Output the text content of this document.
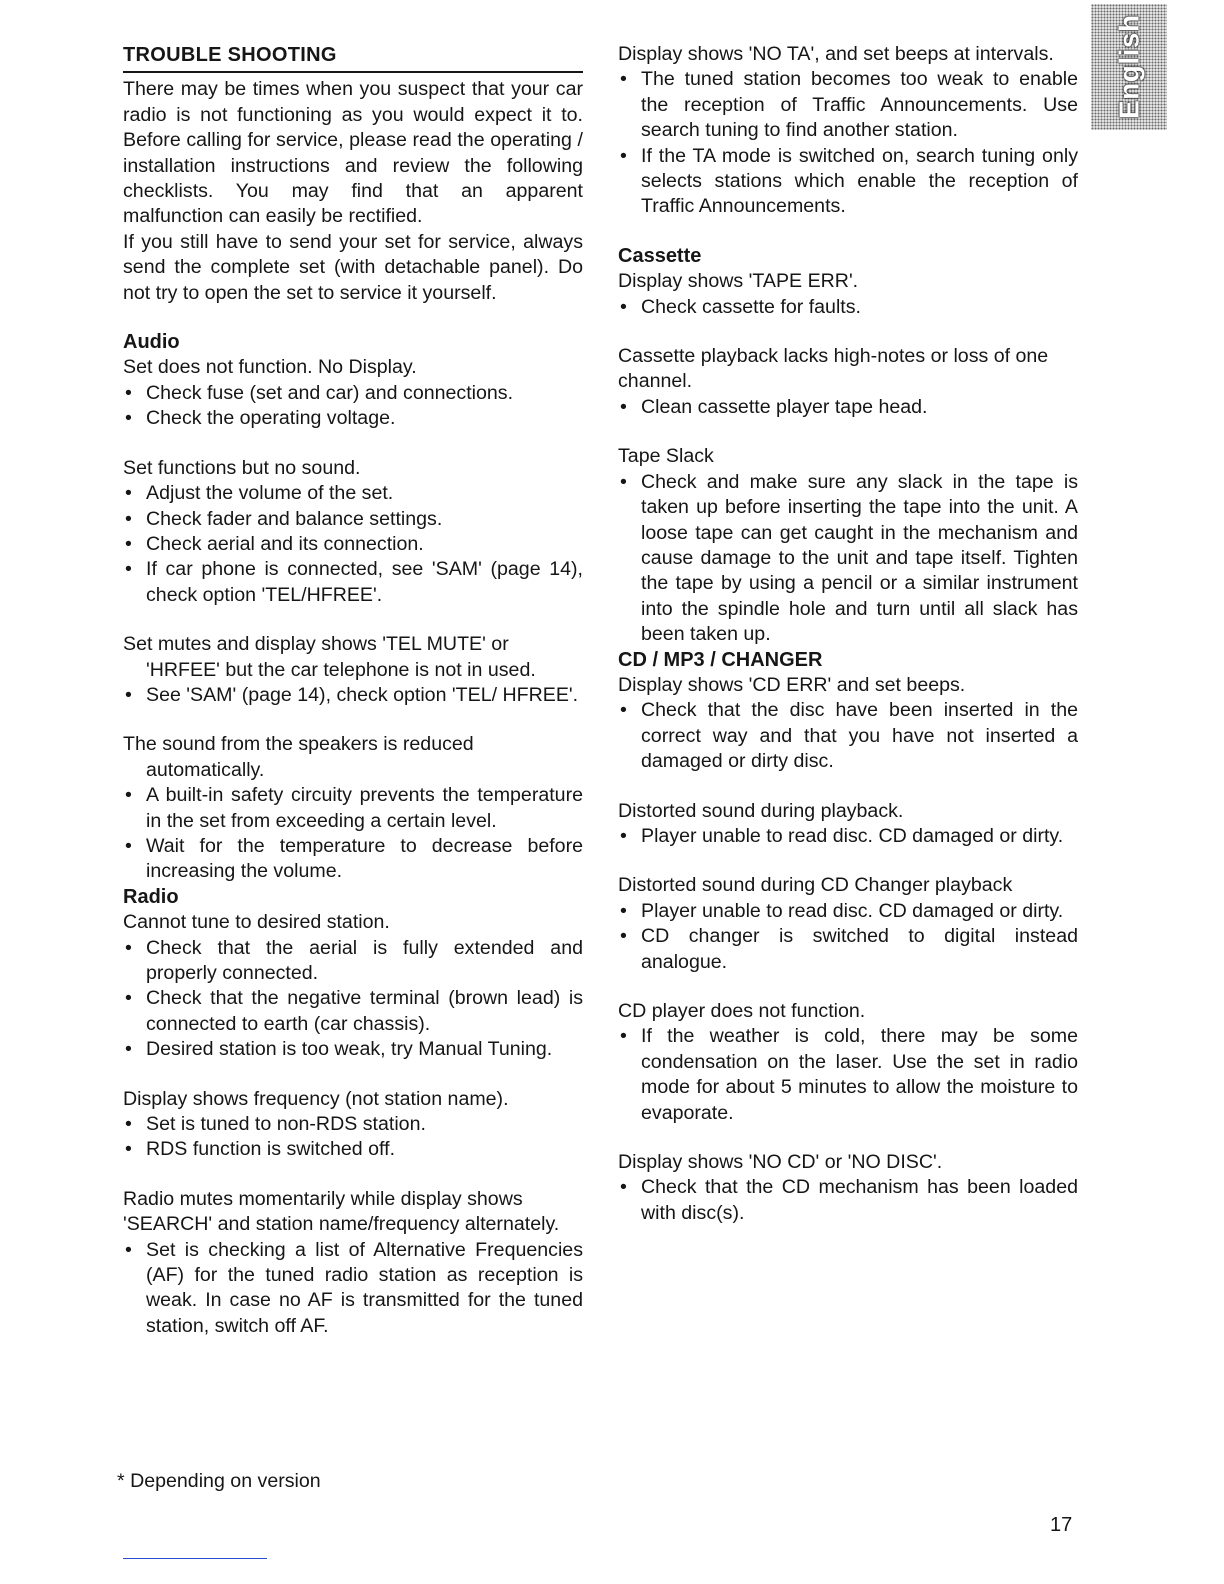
English
TROUBLE SHOOTING

There may be times when you suspect that your car radio is not functioning as you would expect it to. Before calling for service, please read the operating / installation instructions and review the following checklists. You may find that an apparent malfunction can easily be rectified.

If you still have to send your set for service, always send the complete set (with detachable panel). Do not try to open the set to service it yourself.

Audio

Set does not function. No Display.

• Check fuse (set and car) and connections.
• Check the operating voltage.

Set functions but no sound.

• Adjust the volume of the set.
• Check fader and balance settings.
• Check aerial and its connection.
• If car phone is connected, see 'SAM' (page 14), check option 'TEL/HFREE'.

Set mutes and display shows 'TEL MUTE' or 'HRFEE' but the car telephone is not in used.

• See 'SAM' (page 14), check option 'TEL/ HFREE'.

The sound from the speakers is reduced automatically.

• A built-in safety circuity prevents the temperature in the set from exceeding a certain level.
• Wait for the temperature to decrease before increasing the volume.
Radio

Cannot tune to desired station.

• Check that the aerial is fully extended and properly connected.
• Check that the negative terminal (brown lead) is connected to earth (car chassis).
• Desired station is too weak, try Manual Tuning.

Display shows frequency (not station name).

• Set is tuned to non-RDS station.
• RDS function is switched off.

Radio mutes momentarily while display shows 'SEARCH' and station name/frequency alternately.

• Set is checking a list of Alternative Frequencies (AF) for the tuned radio station as reception is weak. In case no AF is transmitted for the tuned station, switch off AF.

Display shows 'NO TA', and set beeps at intervals.

• The tuned station becomes too weak to enable the reception of Traffic Announcements. Use search tuning to find another station.
• If the TA mode is switched on, search tuning only selects stations which enable the reception of Traffic Announcements.
Cassette

Display shows 'TAPE ERR'.

• Check cassette for faults.

Cassette playback lacks high-notes or loss of one channel.

• Clean cassette player tape head.

Tape Slack

• Check and make sure any slack in the tape is taken up before inserting the tape into the unit. A loose tape can get caught in the mechanism and cause damage to the unit and tape itself. Tighten the tape by using a pencil or a similar instrument into the spindle hole and turn until all slack has been taken up.
CD / MP3 / CHANGER

Display shows 'CD ERR' and set beeps.

• Check that the disc have been inserted in the correct way and that you have not inserted a damaged or dirty disc.

Distorted sound during playback.

• Player unable to read disc. CD damaged or dirty.

Distorted sound during CD Changer playback

• Player unable to read disc. CD damaged or dirty.
• CD changer is switched to digital instead analogue.

CD player does not function.

• If the weather is cold, there may be some condensation on the laser. Use the set in radio mode for about 5 minutes to allow the moisture to evaporate.

Display shows 'NO CD' or 'NO DISC'.

• Check that the CD mechanism has been loaded with disc(s).
* Depending on version
17
